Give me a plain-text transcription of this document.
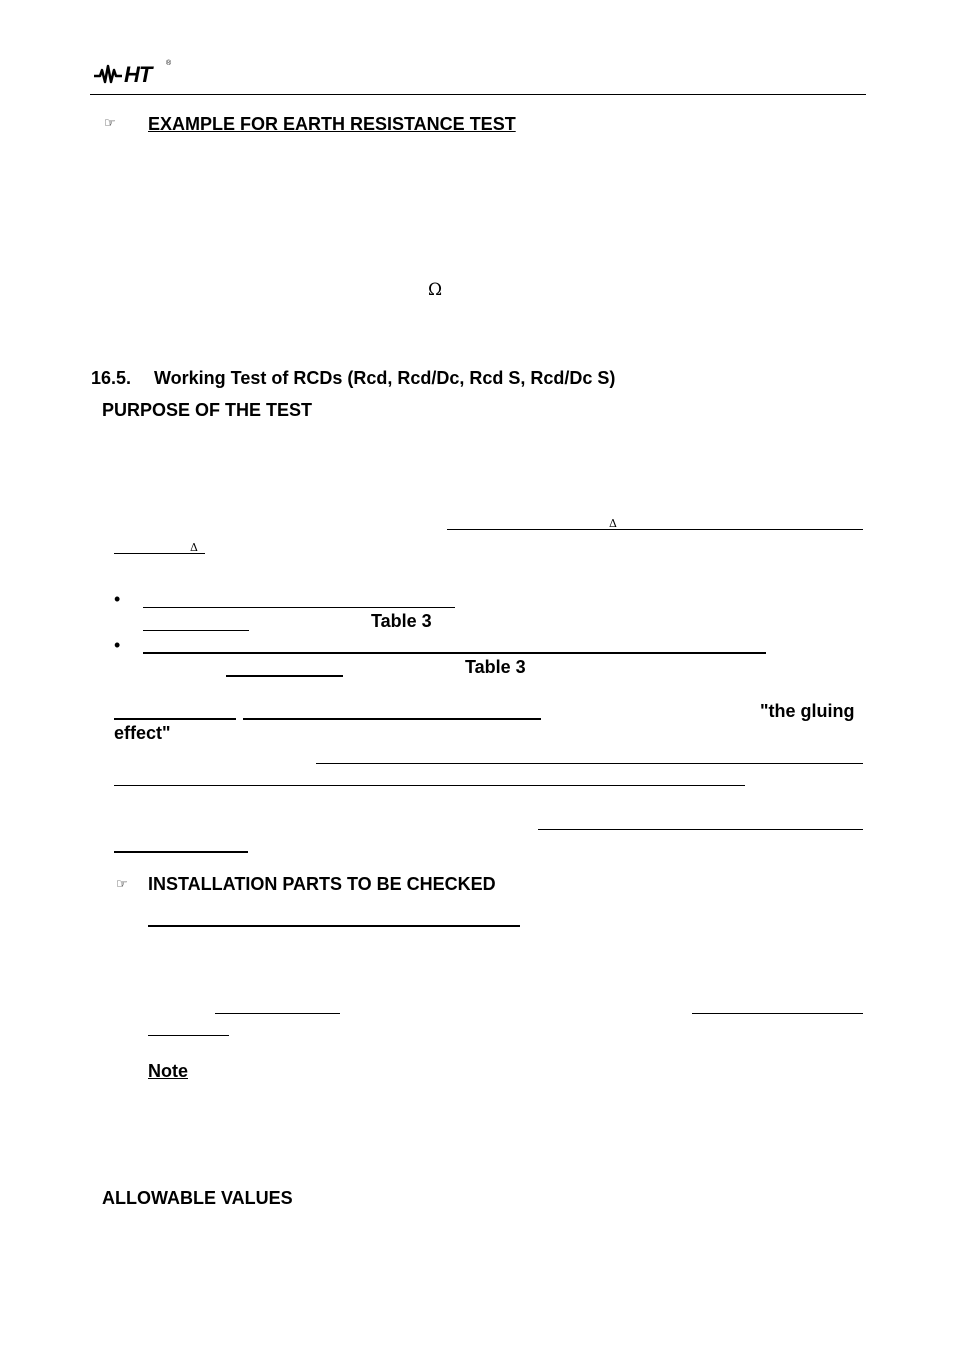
HT ®
☞ EXAMPLE FOR EARTH RESISTANCE TEST
Ω
16.5. Working Test of RCDs (Rcd, Rcd/Dc, Rcd S, Rcd/Dc S)
PURPOSE OF THE TEST
Δ
Δ
•
Table 3
•
Table 3
"the gluing
effect"
☞ INSTALLATION PARTS TO BE CHECKED
Note
ALLOWABLE VALUES
